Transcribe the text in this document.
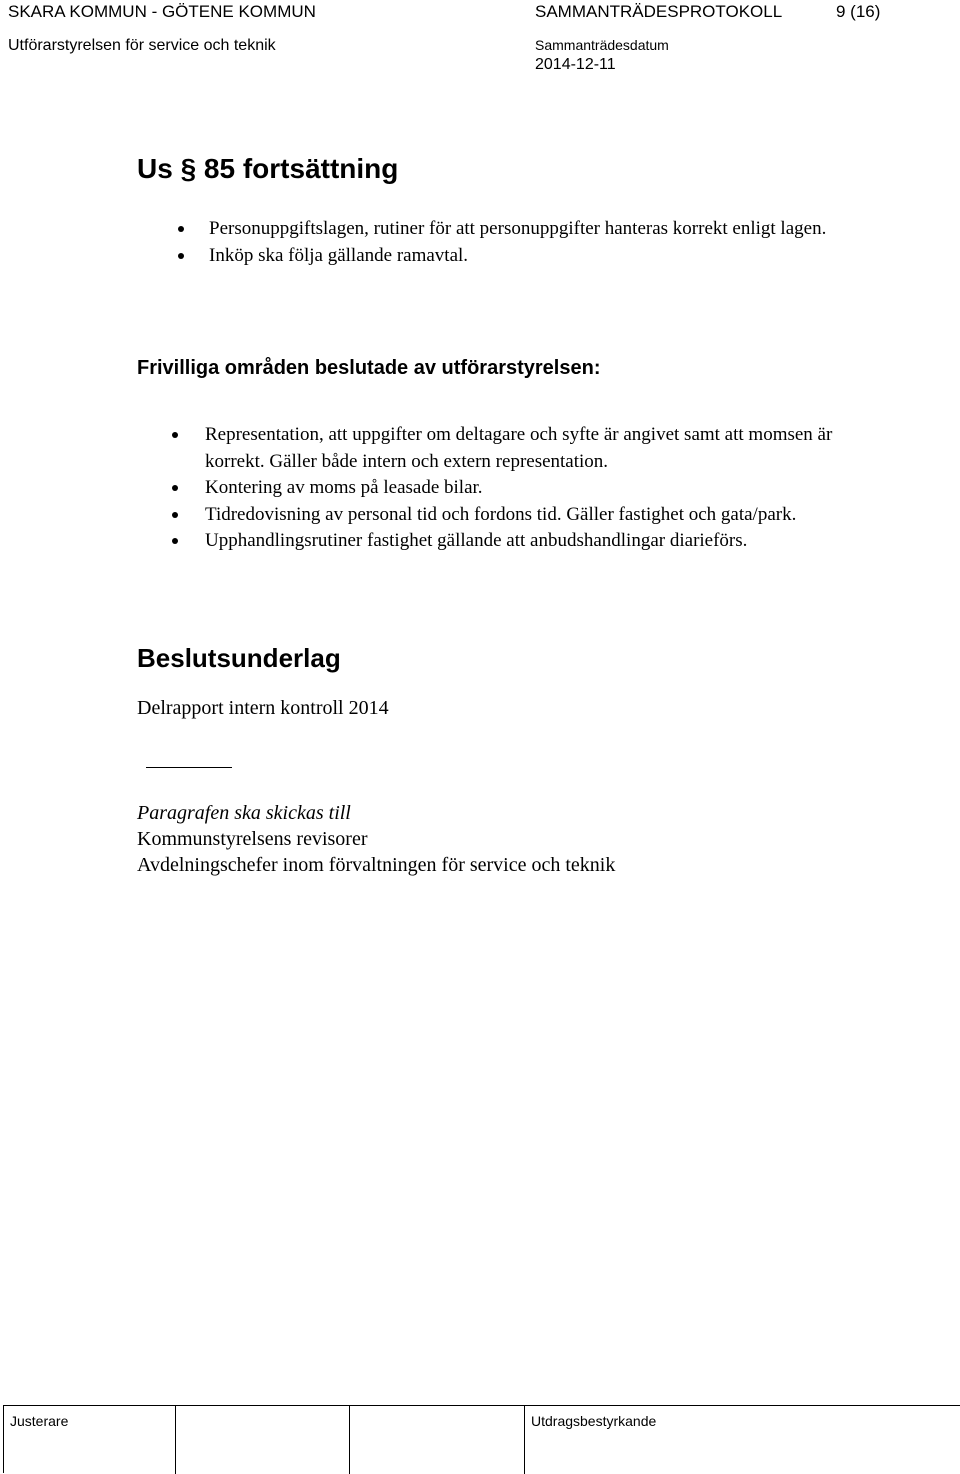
SKARA KOMMUN - GÖTENE KOMMUN
Utförarstyrelsen för service och teknik
SAMMANTRÄDESPROTOKOLL	9 (16)
Sammanträdesdatum
2014-12-11
Us § 85 fortsättning
Personuppgiftslagen, rutiner för att personuppgifter hanteras korrekt enligt lagen.
Inköp ska följa gällande ramavtal.
Frivilliga områden beslutade av utförarstyrelsen:
Representation, att uppgifter om deltagare och syfte är angivet samt att momsen är korrekt. Gäller både intern och extern representation.
Kontering av moms på leasade bilar.
Tidredovisning av personal tid och fordons tid. Gäller fastighet och gata/park.
Upphandlingsrutiner fastighet gällande att anbudshandlingar diarieförs.
Beslutsunderlag
Delrapport intern kontroll 2014
Paragrafen ska skickas till
Kommunstyrelsens revisorer
Avdelningschefer inom förvaltningen för service och teknik
Justerare	Utdragsbestyrkande
